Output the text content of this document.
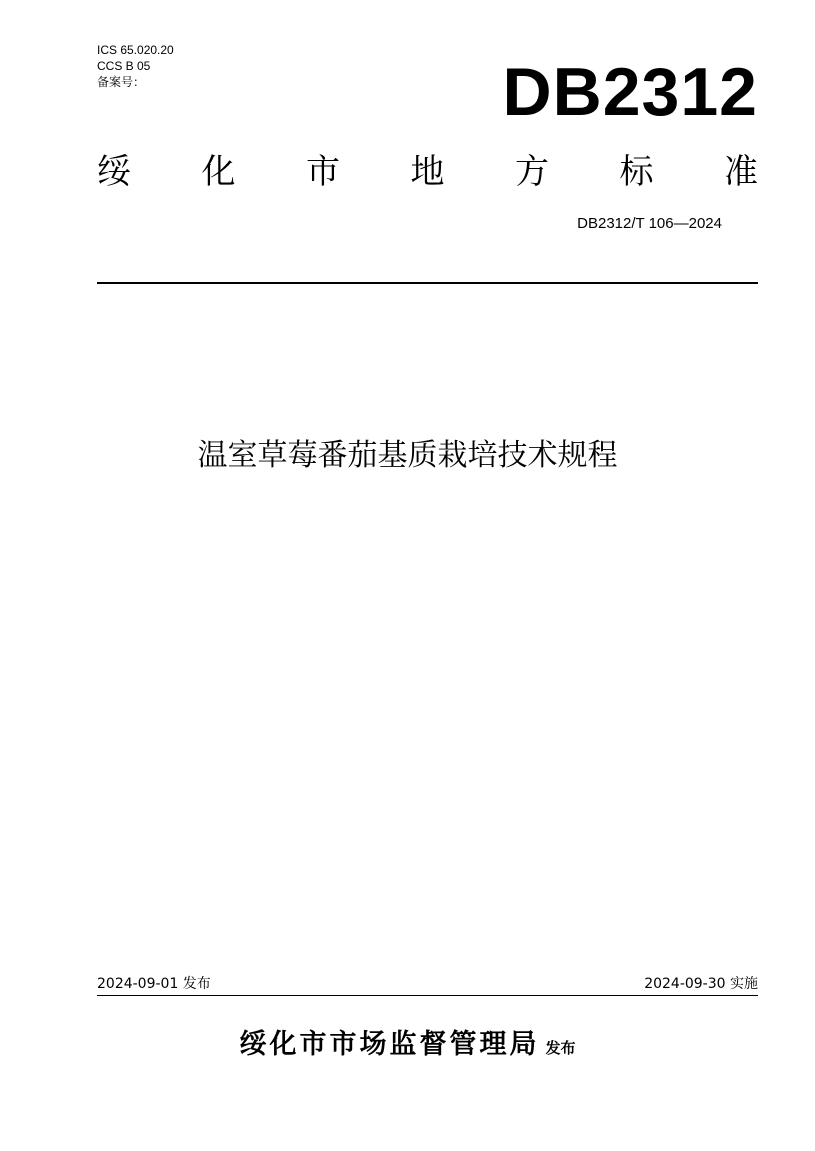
ICS 65.020.20
CCS B 05
备案号：	DB2312
绥 化 市 地 方 标 准
DB2312/T 106—2024
温室草莓番茄基质栽培技术规程
2024-09-01 发布	2024-09-30 实施
绥化市市场监督管理局 发布
